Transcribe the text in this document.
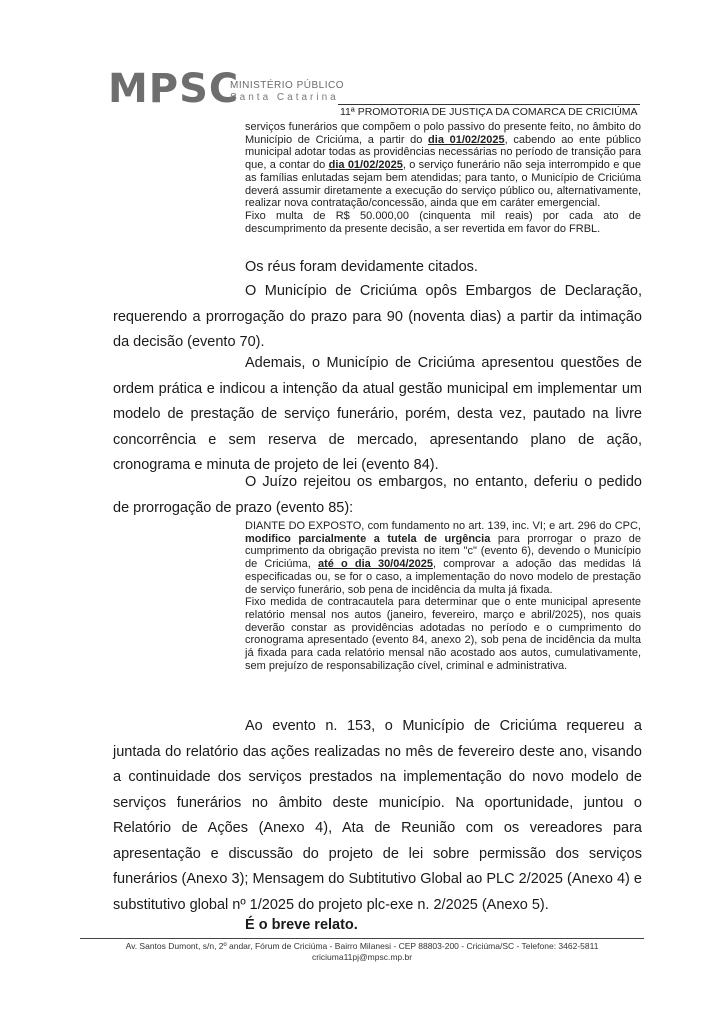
MPSC
MINISTÉRIO PÚBLICO
Santa Catarina
11ª PROMOTORIA DE JUSTIÇA DA COMARCA DE CRICIÚMA

serviços funerários que compõem o polo passivo do presente feito, no âmbito do Município de Criciúma, a partir do dia 01/02/2025, cabendo ao ente público municipal adotar todas as providências necessárias no período de transição para que, a contar do dia 01/02/2025, o serviço funerário não seja interrompido e que as famílias enlutadas sejam bem atendidas; para tanto, o Município de Criciúma deverá assumir diretamente a execução do serviço público ou, alternativamente, realizar nova contratação/concessão, ainda que em caráter emergencial.

Fixo multa de R$ 50.000,00 (cinquenta mil reais) por cada ato de descumprimento da presente decisão, a ser revertida em favor do FRBL.

Os réus foram devidamente citados.

O Município de Criciúma opôs Embargos de Declaração, requerendo a prorrogação do prazo para 90 (noventa dias) a partir da intimação da decisão (evento 70).

Ademais, o Município de Criciúma apresentou questões de ordem prática e indicou a intenção da atual gestão municipal em implementar um modelo de prestação de serviço funerário, porém, desta vez, pautado na livre concorrência e sem reserva de mercado, apresentando plano de ação, cronograma e minuta de projeto de lei (evento 84).

O Juízo rejeitou os embargos, no entanto, deferiu o pedido de prorrogação de prazo (evento 85):

DIANTE DO EXPOSTO, com fundamento no art. 139, inc. VI; e art. 296 do CPC, modifico parcialmente a tutela de urgência para prorrogar o prazo de cumprimento da obrigação prevista no item "c" (evento 6), devendo o Município de Criciúma, até o dia 30/04/2025, comprovar a adoção das medidas lá especificadas ou, se for o caso, a implementação do novo modelo de prestação de serviço funerário, sob pena de incidência da multa já fixada.

Fixo medida de contracautela para determinar que o ente municipal apresente relatório mensal nos autos (janeiro, fevereiro, março e abril/2025), nos quais deverão constar as providências adotadas no período e o cumprimento do cronograma apresentado (evento 84, anexo 2), sob pena de incidência da multa já fixada para cada relatório mensal não acostado aos autos, cumulativamente, sem prejuízo de responsabilização cível, criminal e administrativa.

Ao evento n. 153, o Município de Criciúma requereu a juntada do relatório das ações realizadas no mês de fevereiro deste ano, visando a continuidade dos serviços prestados na implementação do novo modelo de serviços funerários no âmbito deste município. Na oportunidade, juntou o Relatório de Ações (Anexo 4), Ata de Reunião com os vereadores para apresentação e discussão do projeto de lei sobre permissão dos serviços funerários (Anexo 3); Mensagem do Subtitutivo Global ao PLC 2/2025 (Anexo 4) e substitutivo global nº 1/2025 do projeto plc-exe n. 2/2025 (Anexo 5).

É o breve relato.
Av. Santos Dumont, s/n, 2º andar, Fórum de Criciúma - Bairro Milanesi - CEP 88803-200 - Criciúma/SC - Telefone: 3462-5811
criciuma11pj@mpsc.mp.br
